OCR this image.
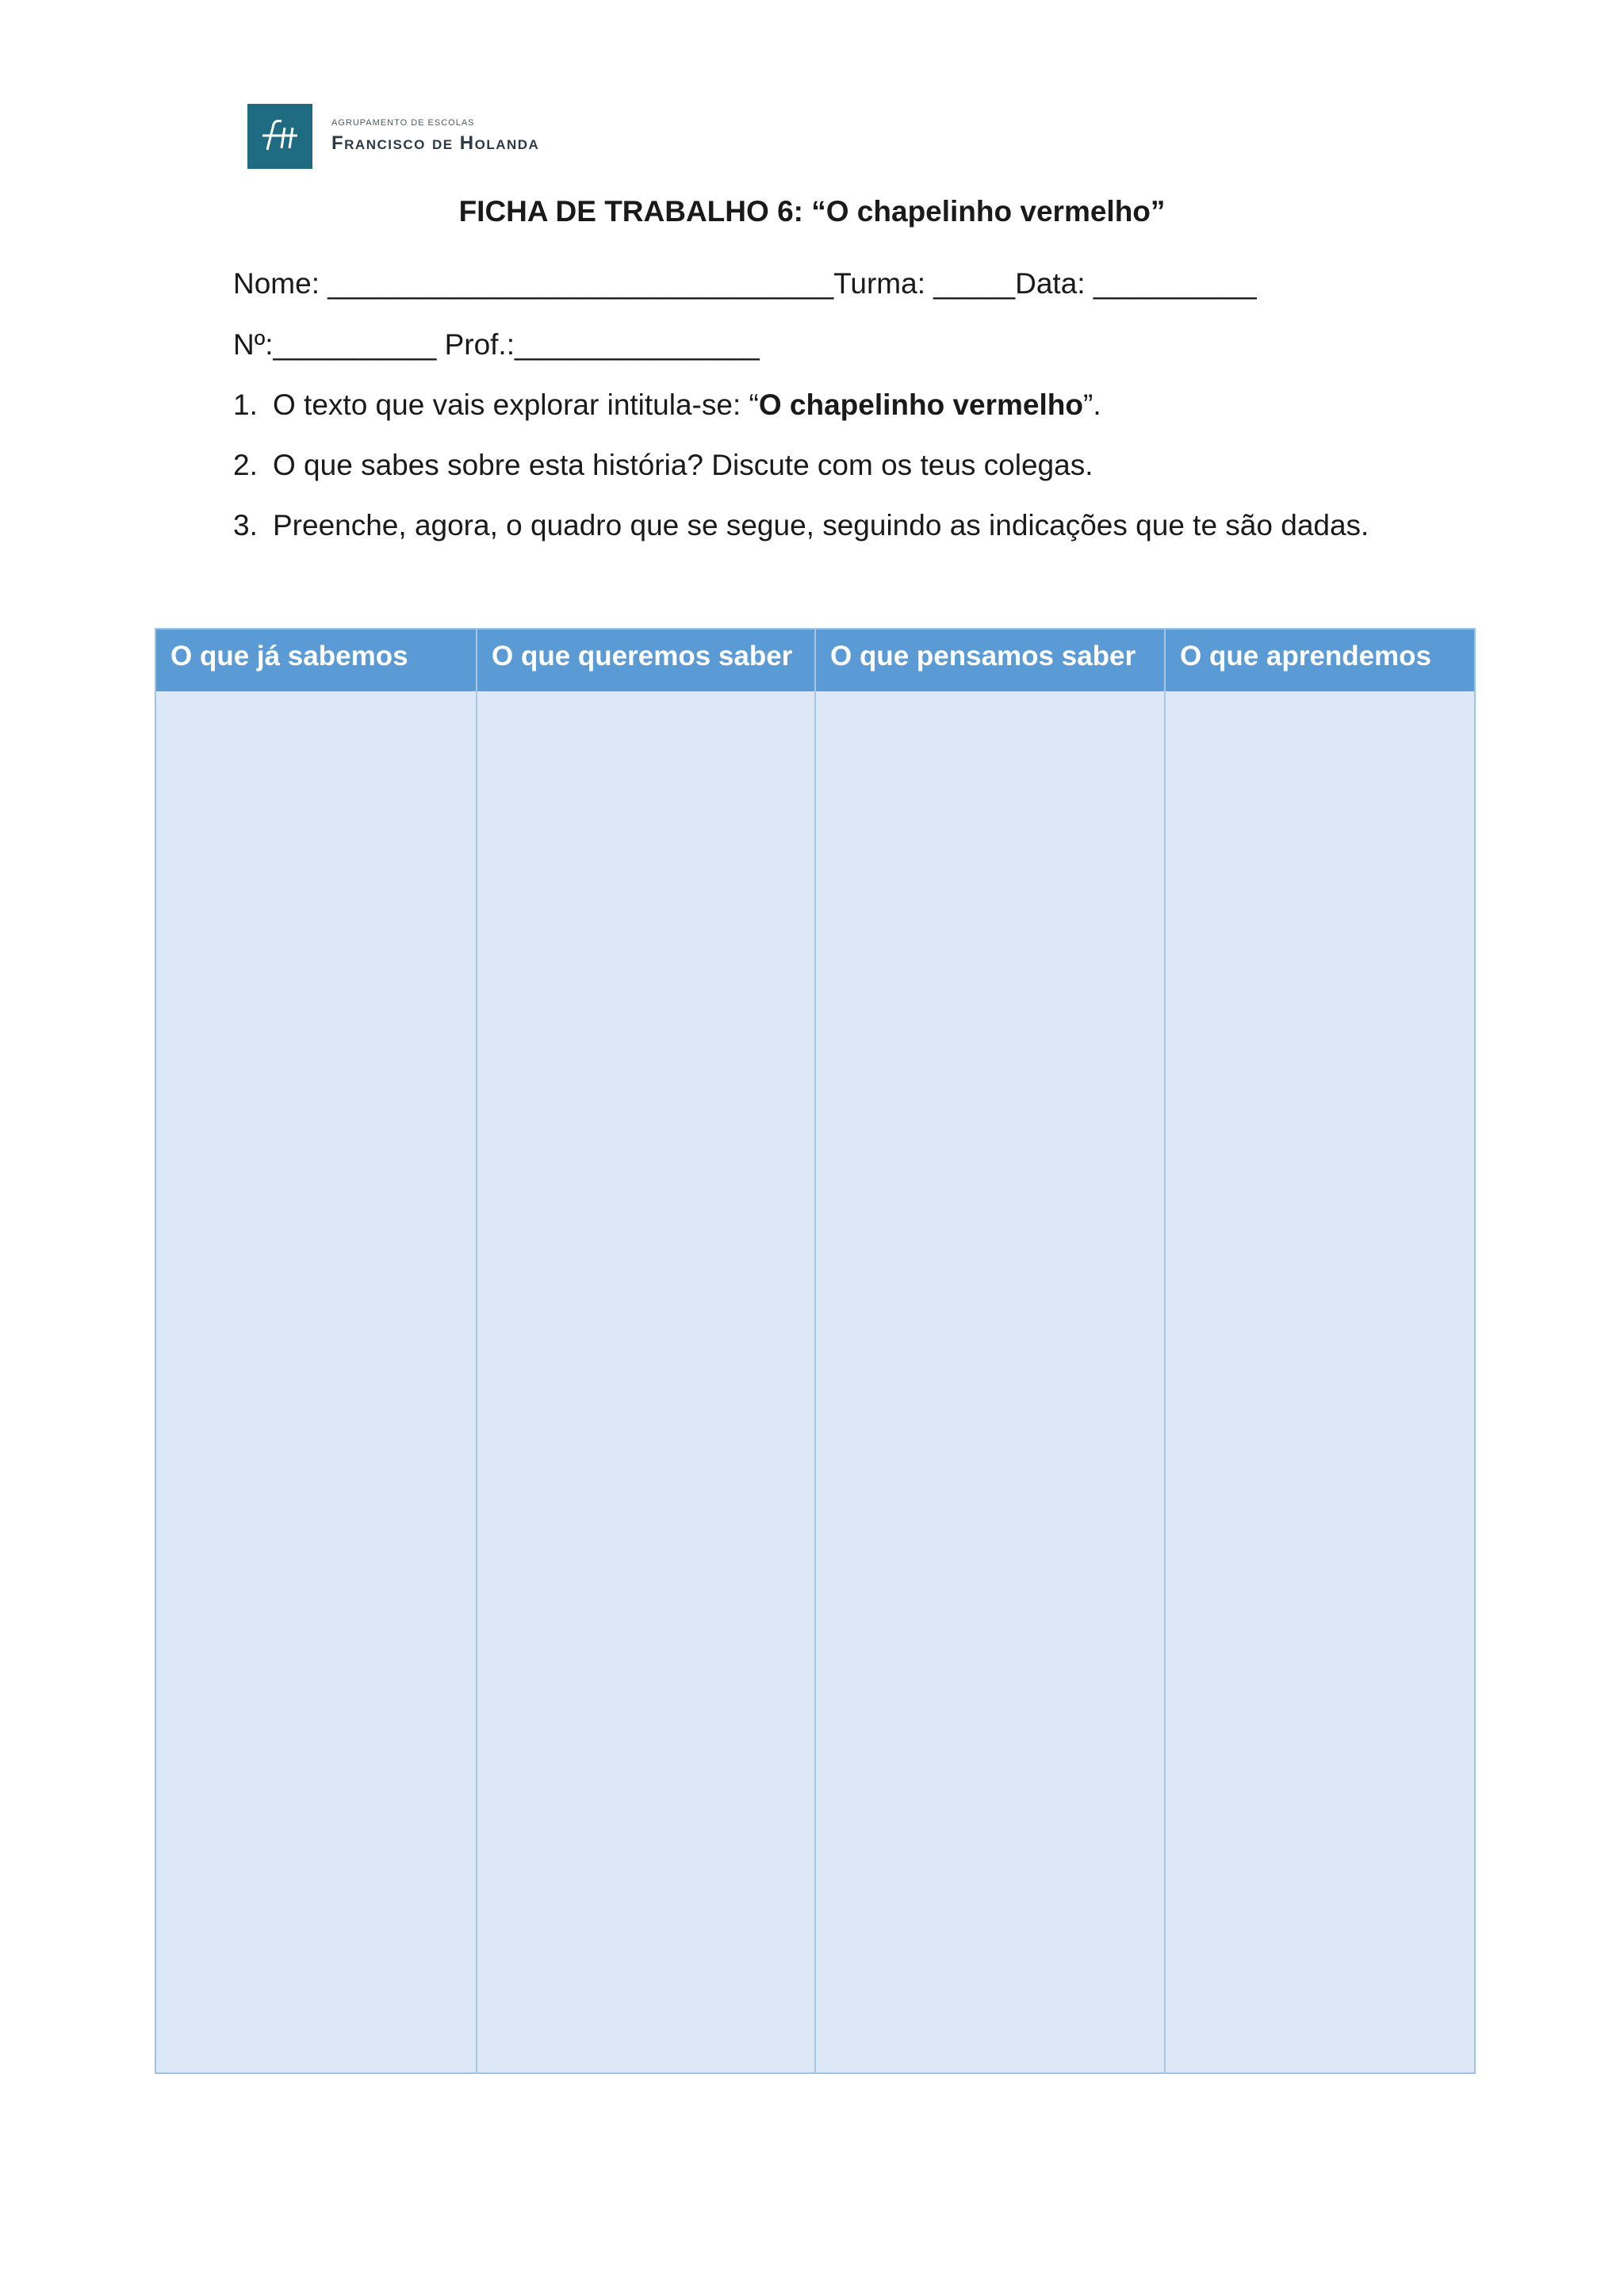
AGRUPAMENTO DE ESCOLAS
Francisco de Holanda
FICHA DE TRABALHO 6: “O chapelinho vermelho”
Nome: _______________________________Turma: _____Data: __________
Nº:__________ Prof.:_______________
1. O texto que vais explorar intitula-se: “O chapelinho vermelho”.
2. O que sabes sobre esta história? Discute com os teus colegas.
3. Preenche, agora, o quadro que se segue, seguindo as indicações que te são dadas.
O que já sabemos	O que queremos saber	O que pensamos saber	O que aprendemos
